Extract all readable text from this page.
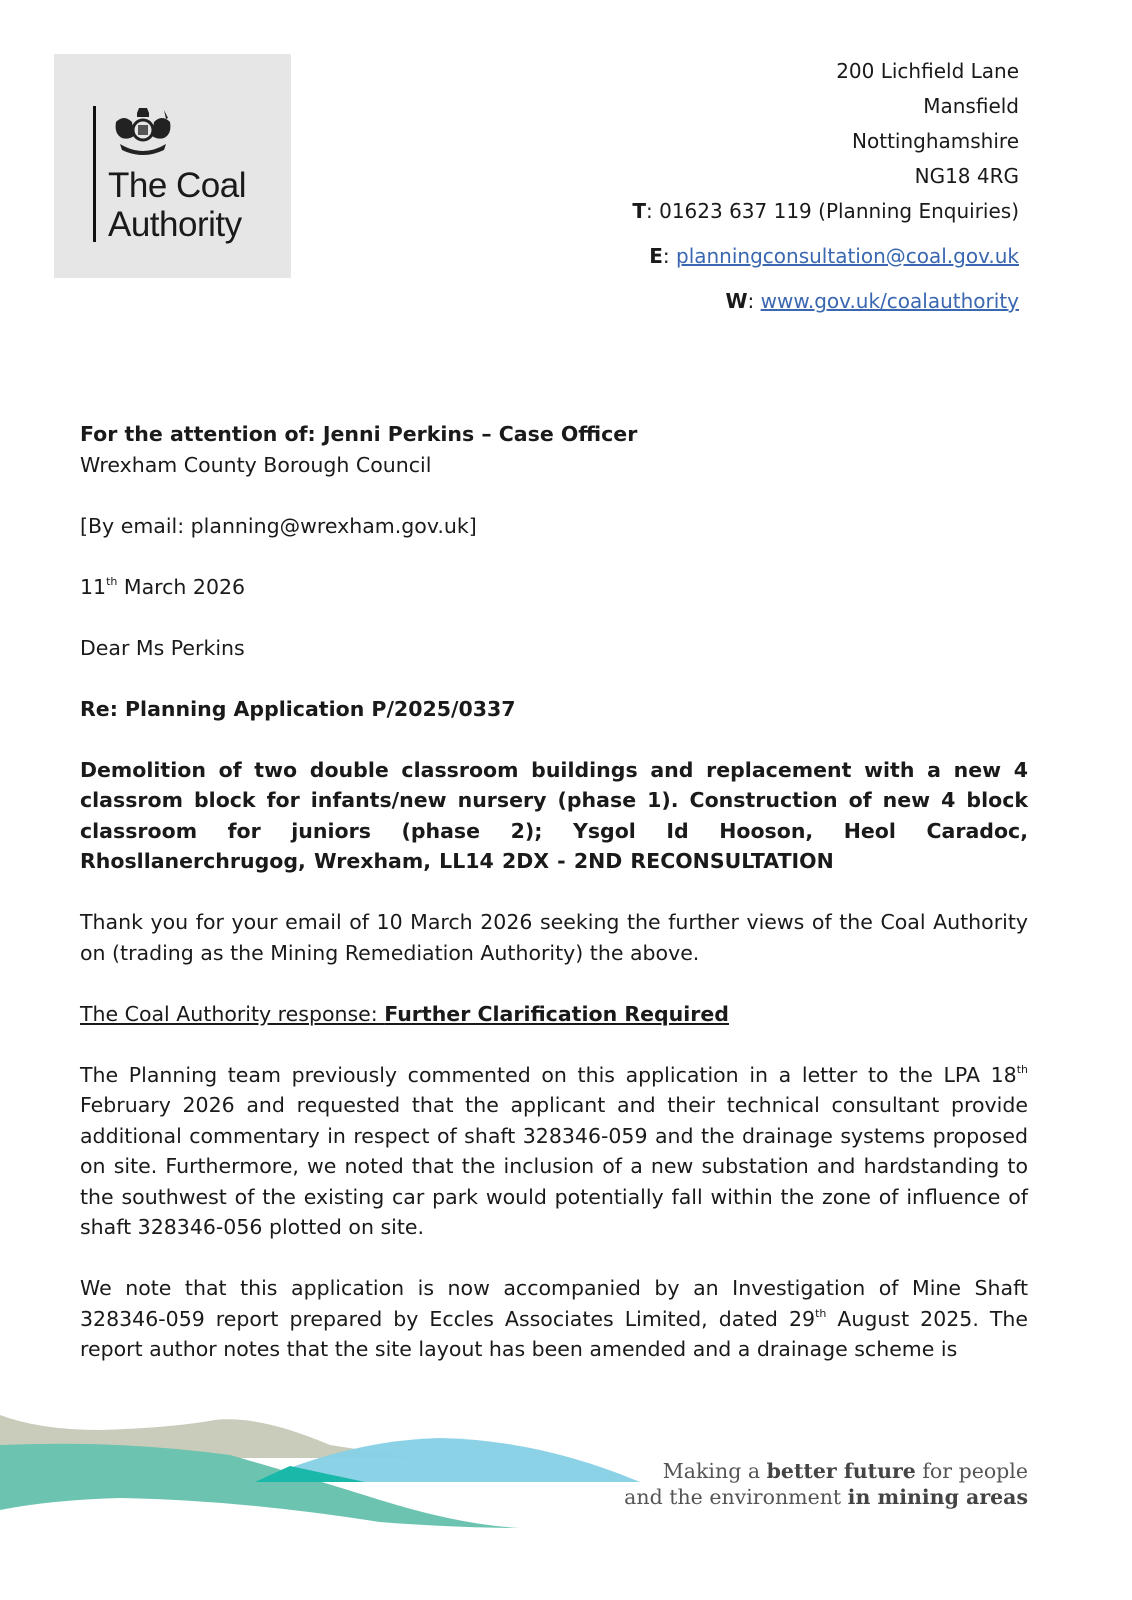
The Coal
Authority
200 Lichfield Lane
Mansfield
Nottinghamshire
NG18 4RG
T: 01623 637 119 (Planning Enquiries)
E: planningconsultation@coal.gov.uk
W: www.gov.uk/coalauthority
For the attention of: Jenni Perkins – Case Officer
Wrexham County Borough Council
[By email: planning@wrexham.gov.uk]
11th March 2026
Dear Ms Perkins
Re: Planning Application P/2025/0337
Demolition of two double classroom buildings and replacement with a new 4 classrom block for infants/new nursery (phase 1). Construction of new 4 block classroom for juniors (phase 2); Ysgol Id Hooson, Heol Caradoc, Rhosllanerchrugog, Wrexham, LL14 2DX - 2ND RECONSULTATION
Thank you for your email of 10 March 2026 seeking the further views of the Coal Authority on (trading as the Mining Remediation Authority) the above.
The Coal Authority response: Further Clarification Required
The Planning team previously commented on this application in a letter to the LPA 18th February 2026 and requested that the applicant and their technical consultant provide additional commentary in respect of shaft 328346-059 and the drainage systems proposed on site. Furthermore, we noted that the inclusion of a new substation and hardstanding to the southwest of the existing car park would potentially fall within the zone of influence of shaft 328346-056 plotted on site.
We note that this application is now accompanied by an Investigation of Mine Shaft 328346-059 report prepared by Eccles Associates Limited, dated 29th August 2025. The report author notes that the site layout has been amended and a drainage scheme is
Making a better future for people
and the environment in mining areas
